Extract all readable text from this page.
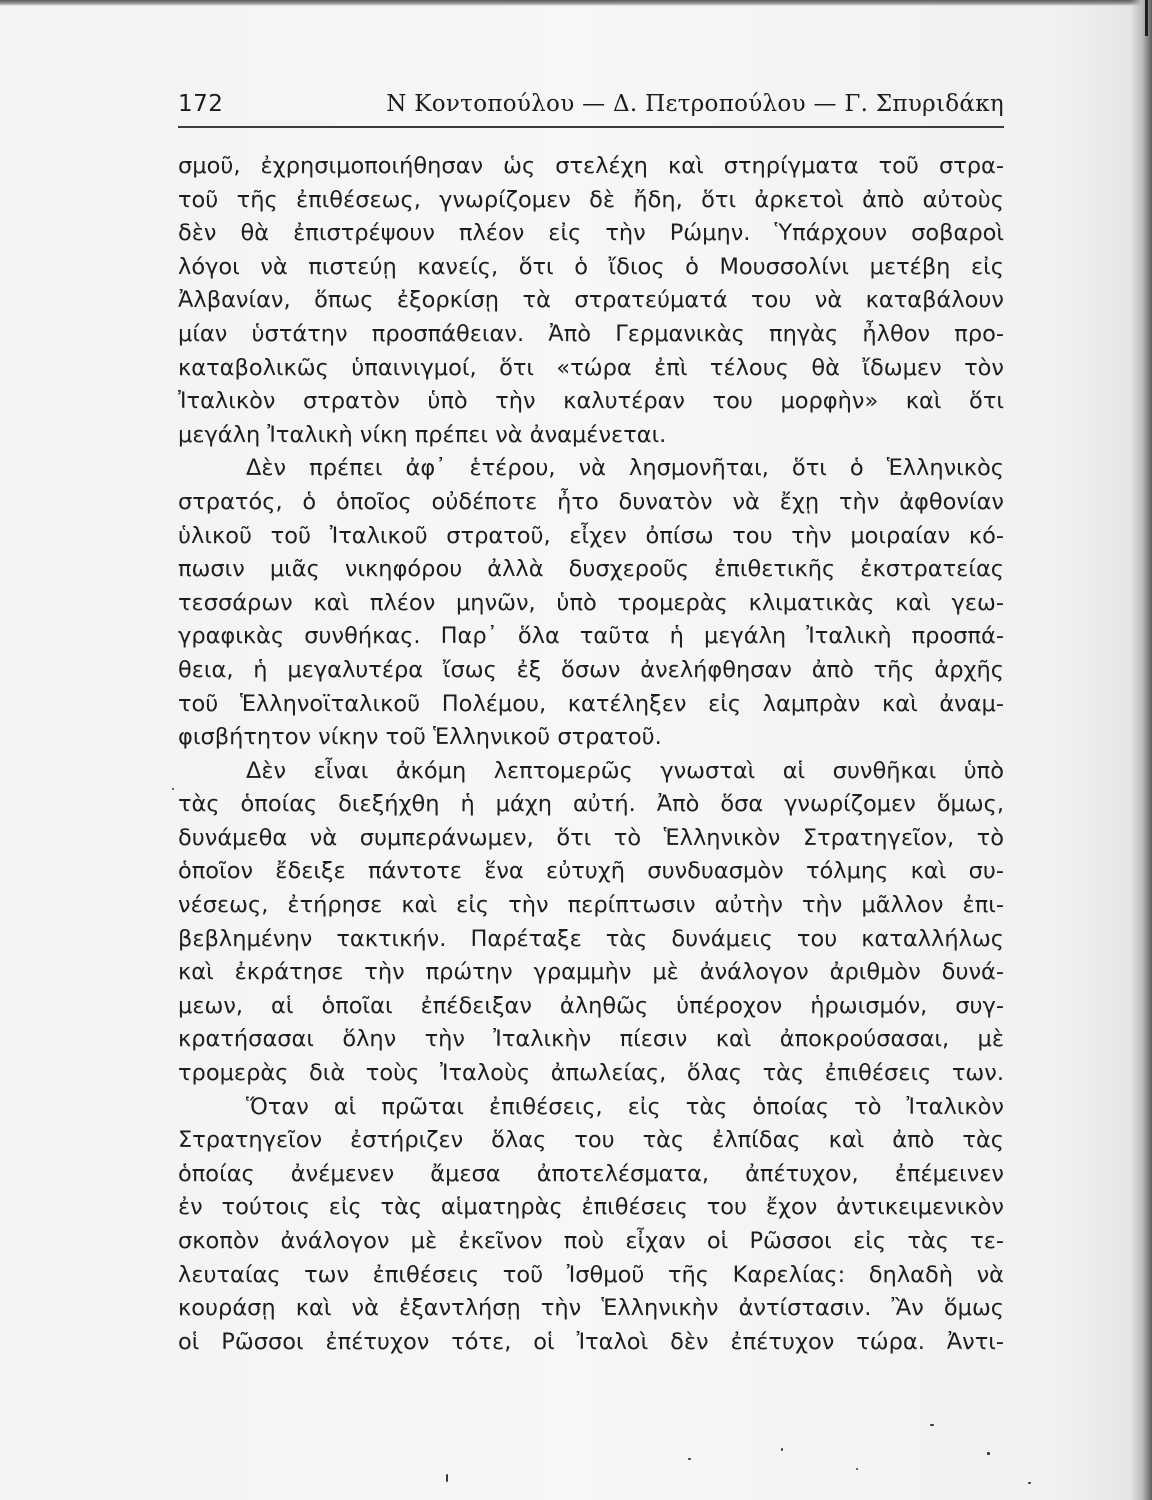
172	Ν Κοντοπούλου — Δ. Πετροπούλου — Γ. Σπυριδάκη
σμοῦ, ἐχρησιμοποιήθησαν ὡς στελέχη καὶ στηρίγματα τοῦ στρα-
τοῦ τῆς ἐπιθέσεως, γνωρίζομεν δὲ ἤδη, ὅτι ἀρκετοὶ ἀπὸ αὐτοὺς
δὲν θὰ ἐπιστρέψουν πλέον εἰς τὴν Ρώμην. Ὑπάρχουν σοβαροὶ
λόγοι νὰ πιστεύῃ κανείς, ὅτι ὁ ἴδιος ὁ Μουσσολίνι μετέβη εἰς
Ἀλβανίαν, ὅπως ἐξορκίσῃ τὰ στρατεύματά του νὰ καταβάλουν
μίαν ὑστάτην προσπάθειαν. Ἀπὸ Γερμανικὰς πηγὰς ἦλθον προ-
καταβολικῶς ὑπαινιγμοί, ὅτι «τώρα ἐπὶ τέλους θὰ ἴδωμεν τὸν
Ἰταλικὸν στρατὸν ὑπὸ τὴν καλυτέραν του μορφὴν» καὶ ὅτι
μεγάλη Ἰταλικὴ νίκη πρέπει νὰ ἀναμένεται.
Δὲν πρέπει ἀφ᾽ ἑτέρου, νὰ λησμονῆται, ὅτι ὁ Ἑλληνικὸς
στρατός, ὁ ὁποῖος οὐδέποτε ἦτο δυνατὸν νὰ ἔχῃ τὴν ἀφθονίαν
ὑλικοῦ τοῦ Ἰταλικοῦ στρατοῦ, εἶχεν ὀπίσω του τὴν μοιραίαν κό-
πωσιν μιᾶς νικηφόρου ἀλλὰ δυσχεροῦς ἐπιθετικῆς ἐκστρατείας
τεσσάρων καὶ πλέον μηνῶν, ὑπὸ τρομερὰς κλιματικὰς καὶ γεω-
γραφικὰς συνθήκας. Παρ᾽ ὅλα ταῦτα ἡ μεγάλη Ἰταλικὴ προσπά-
θεια, ἡ μεγαλυτέρα ἴσως ἐξ ὅσων ἀνελήφθησαν ἀπὸ τῆς ἀρχῆς
τοῦ Ἑλληνοϊταλικοῦ Πολέμου, κατέληξεν εἰς λαμπρὰν καὶ ἀναμ-
φισβήτητον νίκην τοῦ Ἑλληνικοῦ στρατοῦ.
Δὲν εἶναι ἀκόμη λεπτομερῶς γνωσταὶ αἱ συνθῆκαι ὑπὸ
τὰς ὁποίας διεξήχθη ἡ μάχη αὐτή. Ἀπὸ ὅσα γνωρίζομεν ὅμως,
δυνάμεθα νὰ συμπεράνωμεν, ὅτι τὸ Ἑλληνικὸν Στρατηγεῖον, τὸ
ὁποῖον ἔδειξε πάντοτε ἕνα εὐτυχῆ συνδυασμὸν τόλμης καὶ συ-
νέσεως, ἐτήρησε καὶ εἰς τὴν περίπτωσιν αὐτὴν τὴν μᾶλλον ἐπι-
βεβλημένην τακτικήν. Παρέταξε τὰς δυνάμεις του καταλλήλως
καὶ ἐκράτησε τὴν πρώτην γραμμὴν μὲ ἀνάλογον ἀριθμὸν δυνά-
μεων, αἱ ὁποῖαι ἐπέδειξαν ἀληθῶς ὑπέροχον ἡρωισμόν, συγ-
κρατήσασαι ὅλην τὴν Ἰταλικὴν πίεσιν καὶ ἀποκρούσασαι, μὲ
τρομερὰς διὰ τοὺς Ἰταλοὺς ἀπωλείας, ὅλας τὰς ἐπιθέσεις των.
Ὅταν αἱ πρῶται ἐπιθέσεις, εἰς τὰς ὁποίας τὸ Ἰταλικὸν
Στρατηγεῖον ἐστήριζεν ὅλας του τὰς ἐλπίδας καὶ ἀπὸ τὰς
ὁποίας ἀνέμενεν ἄμεσα ἀποτελέσματα, ἀπέτυχον, ἐπέμεινεν
ἐν τούτοις εἰς τὰς αἱματηρὰς ἐπιθέσεις του ἔχον ἀντικειμενικὸν
σκοπὸν ἀνάλογον μὲ ἐκεῖνον ποὺ εἶχαν οἱ Ρῶσσοι εἰς τὰς τε-
λευταίας των ἐπιθέσεις τοῦ Ἰσθμοῦ τῆς Καρελίας: δηλαδὴ νὰ
κουράσῃ καὶ νὰ ἐξαντλήσῃ τὴν Ἑλληνικὴν ἀντίστασιν. Ἂν ὅμως
οἱ Ρῶσσοι ἐπέτυχον τότε, οἱ Ἰταλοὶ δὲν ἐπέτυχον τώρα. Ἀντι-
